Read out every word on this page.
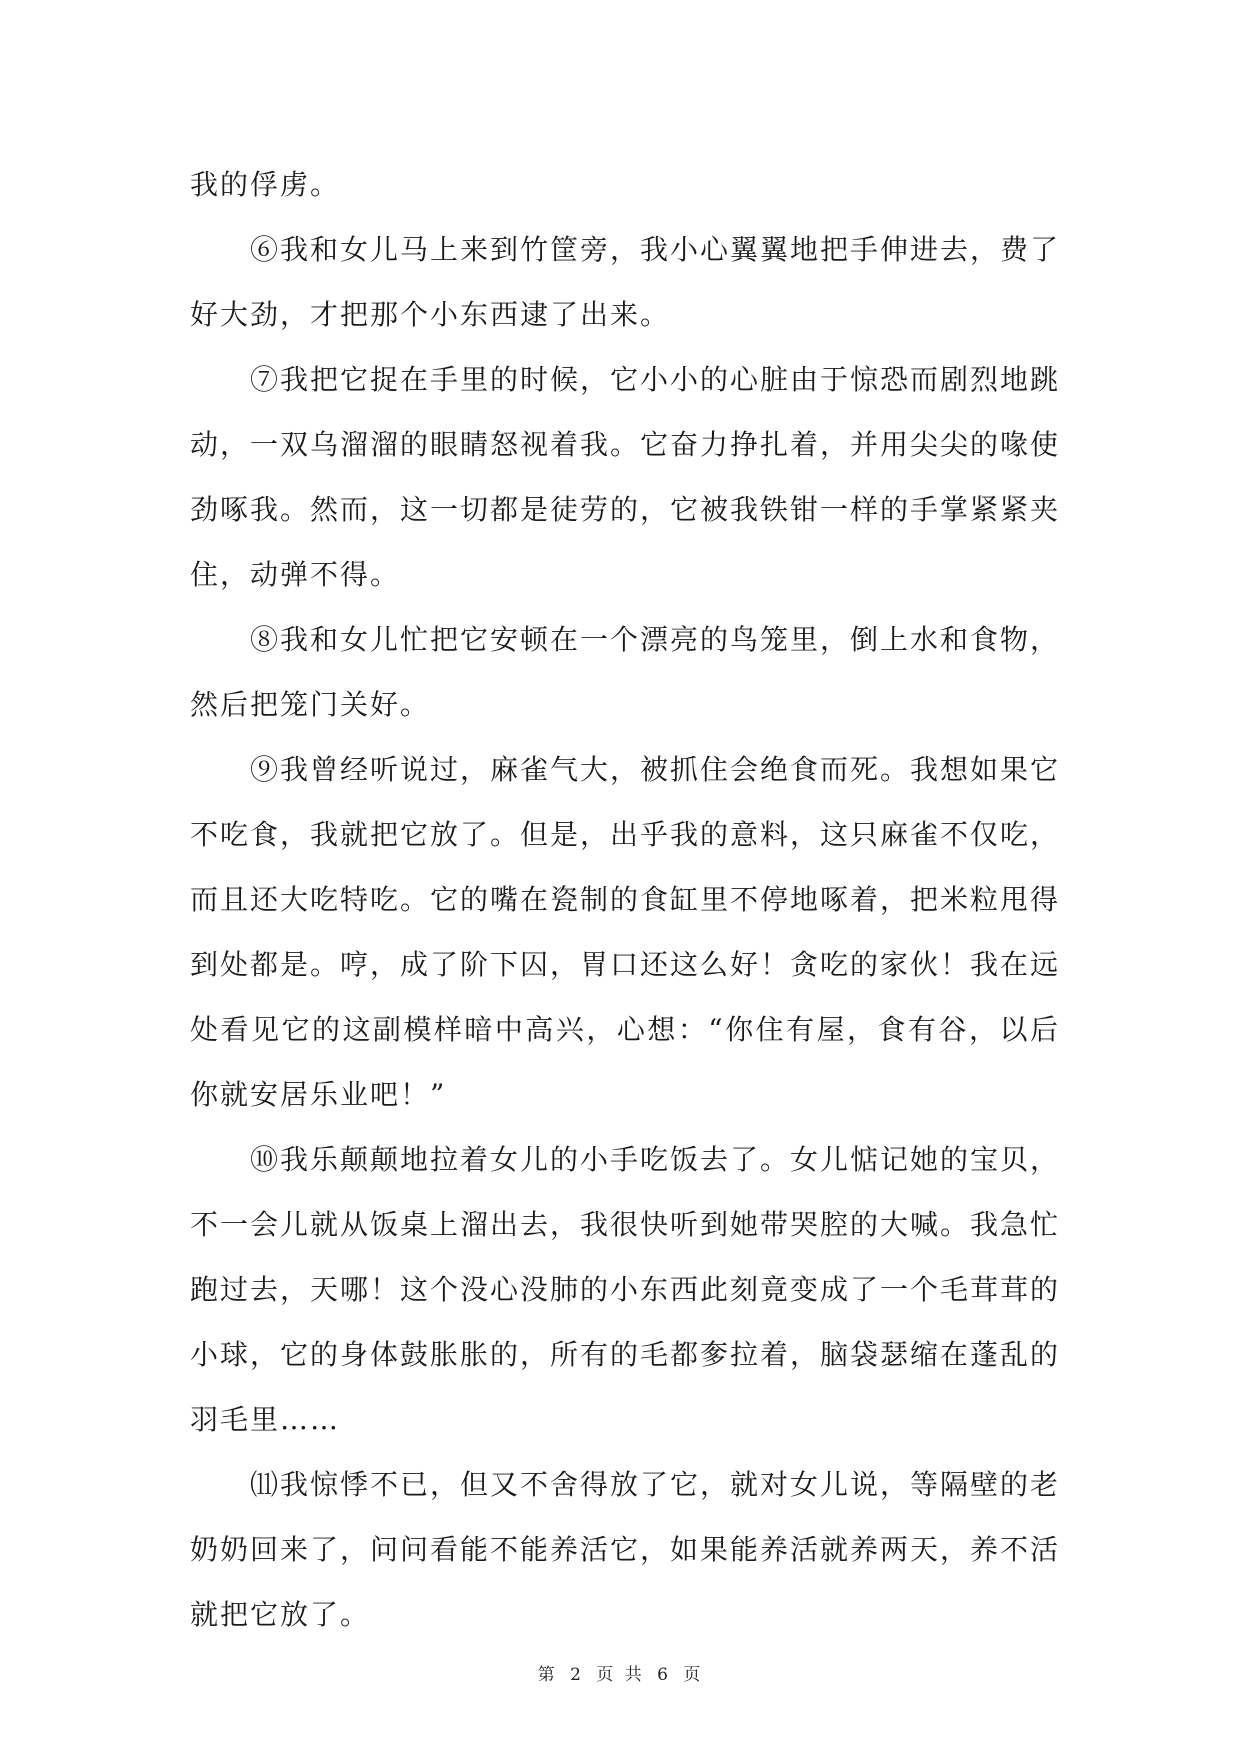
我的俘虏。

⑥我和女儿马上来到竹筐旁，我小心翼翼地把手伸进去，费了好大劲，才把那个小东西逮了出来。

⑦我把它捉在手里的时候，它小小的心脏由于惊恐而剧烈地跳动，一双乌溜溜的眼睛怒视着我。它奋力挣扎着，并用尖尖的喙使劲啄我。然而，这一切都是徒劳的，它被我铁钳一样的手掌紧紧夹住，动弹不得。

⑧我和女儿忙把它安顿在一个漂亮的鸟笼里，倒上水和食物，然后把笼门关好。

⑨我曾经听说过，麻雀气大，被抓住会绝食而死。我想如果它不吃食，我就把它放了。但是，出乎我的意料，这只麻雀不仅吃，而且还大吃特吃。它的嘴在瓷制的食缸里不停地啄着，把米粒甩得到处都是。哼，成了阶下囚，胃口还这么好！贪吃的家伙！我在远处看见它的这副模样暗中高兴，心想：“你住有屋，食有谷，以后你就安居乐业吧！”

⑩我乐颠颠地拉着女儿的小手吃饭去了。女儿惦记她的宝贝，不一会儿就从饭桌上溜出去，我很快听到她带哭腔的大喊。我急忙跑过去，天哪！这个没心没肺的小东西此刻竟变成了一个毛茸茸的小球，它的身体鼓胀胀的，所有的毛都奓拉着，脑袋瑟缩在蓬乱的羽毛里……

⑾我惊悸不已，但又不舍得放了它，就对女儿说，等隔壁的老奶奶回来了，问问看能不能养活它，如果能养活就养两天，养不活就把它放了。

第 2 页 共 6 页
